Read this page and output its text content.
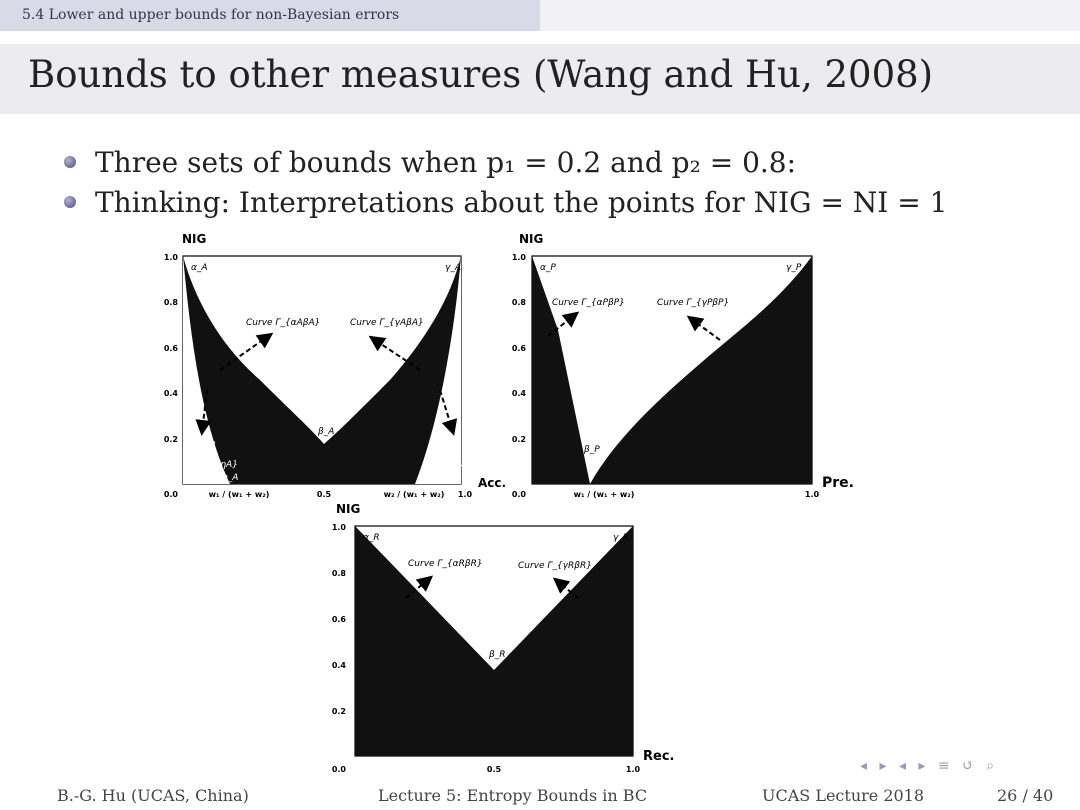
5.4 Lower and upper bounds for non-Bayesian errors
Bounds to other measures (Wang and Hu, 2008)
Three sets of bounds when p₁ = 0.2 and p₂ = 0.8:
Thinking: Interpretations about the points for NIG = NI = 1
NIG
Acc.
1.0
0.8
0.6
0.4
0.2
0.0	w₁ / (w₁ + w₂)	0.5	w₂ / (w₁ + w₂) 1.0
α_A	γ_A
β_A
η_A	λ_A
Curve Γ_{αAβA}	Curve Γ_{γAβA}
Curve
Γ_{αAηA}
Curve
Γ_{γAλA}
NIG
Pre.
1.0
0.8
0.6
0.4
0.2
0.0	w₁ / (w₁ + w₂)	1.0
α_P	γ_P
β_P
Curve Γ_{αPβP}	Curve Γ_{γPβP}
NIG
Rec.
1.0
0.8
0.6
0.4
0.2
0.0	0.5	1.0
α_R	γ_R
β_R
Curve Γ_{αRβR}	Curve Γ_{γRβR}
◂ ▸ ◂ ▸ ≡ ↺ ⌕
B.-G. Hu (UCAS, China)	Lecture 5: Entropy Bounds in BC	UCAS Lecture 2018	26 / 40
